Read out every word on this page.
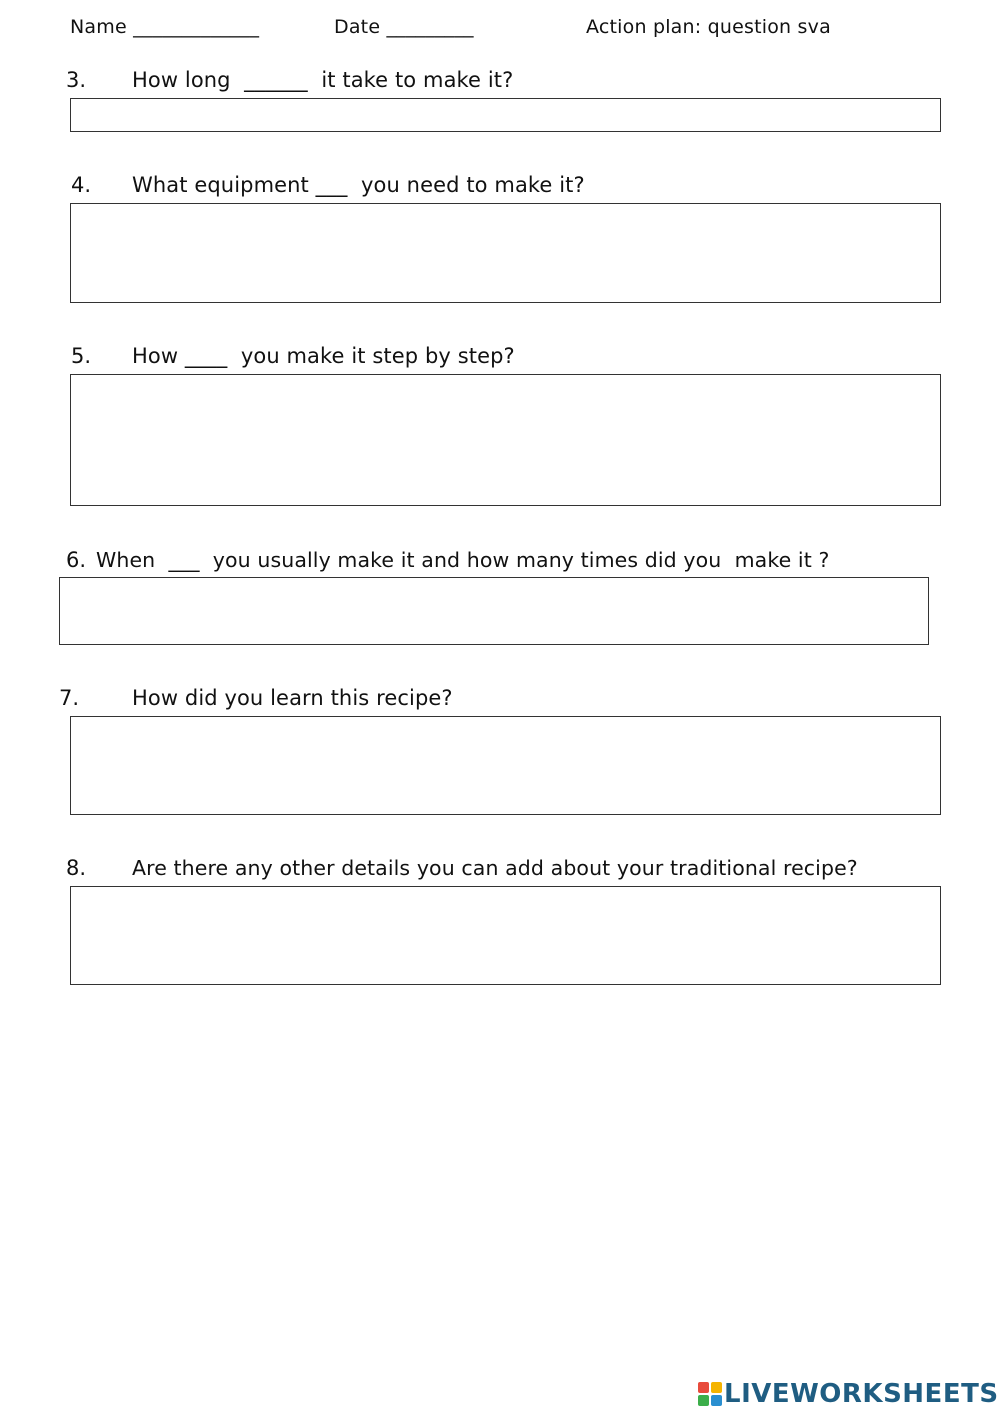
Name _____________	Date _________	Action plan: question sva
3. How long  ______  it take to make it?
4. What equipment ___  you need to make it?
5. How ____  you make it step by step?
6. When  ___  you usually make it and how many times did you  make it ?
7.	How did you learn this recipe?
8. Are there any other details you can add about your traditional recipe?
LIVEWORKSHEETS
